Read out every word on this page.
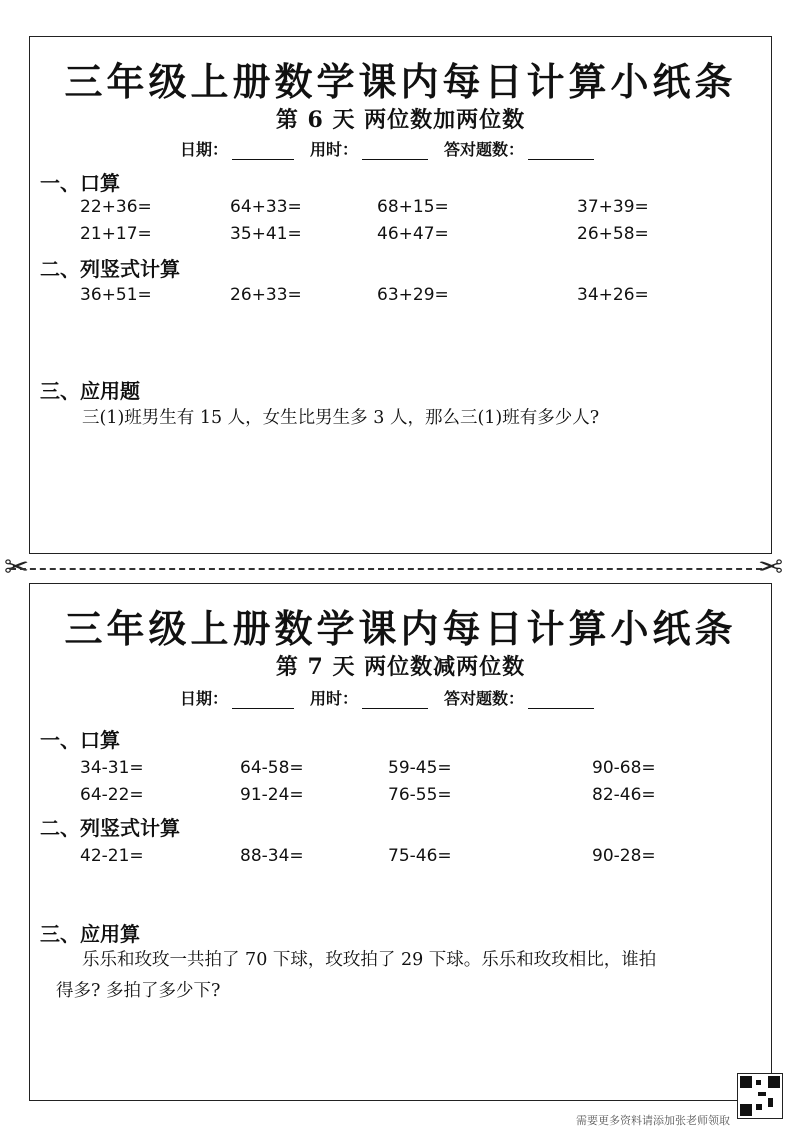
三年级上册数学课内每日计算小纸条
第 6 天 两位数加两位数
日期：	用时：	答对题数：
一、口算
22+36=	64+33=	68+15=	37+39=
21+17=	35+41=	46+47=	26+58=
二、列竖式计算
36+51=	26+33=	63+29=	34+26=
三、应用题
三(1)班男生有 15 人，女生比男生多 3 人，那么三(1)班有多少人?
✂	✂
三年级上册数学课内每日计算小纸条
第 7 天 两位数减两位数
日期：	用时：	答对题数：
一、口算
34-31=	64-58=	59-45=	90-68=
64-22=	91-24=	76-55=	82-46=
二、列竖式计算
42-21=	88-34=	75-46=	90-28=
三、应用算
乐乐和玫玫一共拍了 70 下球，玫玫拍了 29 下球。乐乐和玫玫相比，谁拍
得多? 多拍了多少下?
需要更多资料请添加张老师领取
